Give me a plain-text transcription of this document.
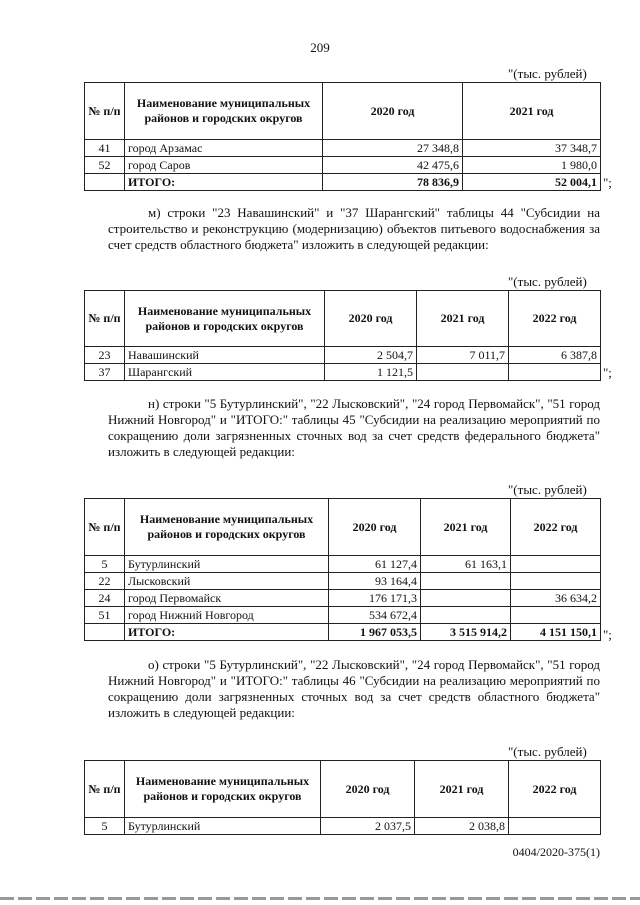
209
"(тыс. рублей)
№ п/п	Наименование муниципальных районов и городских округов	2020 год	2021 год
41	город Арзамас	27 348,8	37 348,7
52	город Саров	42 475,6	1 980,0
	ИТОГО:	78 836,9	52 004,1 ";
м) строки "23 Навашинский" и "37 Шарангский" таблицы 44 "Субсидии на строительство и реконструкцию (модернизацию) объектов питьевого водоснабжения за счет средств областного бюджета" изложить в следующей редакции:
"(тыс. рублей)
№ п/п	Наименование муниципальных районов и городских округов	2020 год	2021 год	2022 год
23	Навашинский	2 504,7	7 011,7	6 387,8
37	Шарангский	1 121,5			";
н) строки "5 Бутурлинский", "22 Лысковский", "24 город Первомайск", "51 город Нижний Новгород" и "ИТОГО:" таблицы 45 "Субсидии на реализацию мероприятий по сокращению доли загрязненных сточных вод за счет средств федерального бюджета" изложить в следующей редакции:
"(тыс. рублей)
№ п/п	Наименование муниципальных районов и городских округов	2020 год	2021 год	2022 год
5	Бутурлинский	61 127,4	61 163,1	
22	Лысковский	93 164,4		
24	город Первомайск	176 171,3		36 634,2
51	город Нижний Новгород	534 672,4		
	ИТОГО:	1 967 053,5	3 515 914,2	4 151 150,1 ";
о) строки "5 Бутурлинский", "22 Лысковский", "24 город Первомайск", "51 город Нижний Новгород" и "ИТОГО:" таблицы 46 "Субсидии на реализацию мероприятий по сокращению доли загрязненных сточных вод за счет средств областного бюджета" изложить в следующей редакции:
"(тыс. рублей)
№ п/п	Наименование муниципальных районов и городских округов	2020 год	2021 год	2022 год
5	Бутурлинский	2 037,5	2 038,8	
0404/2020-375(1)
